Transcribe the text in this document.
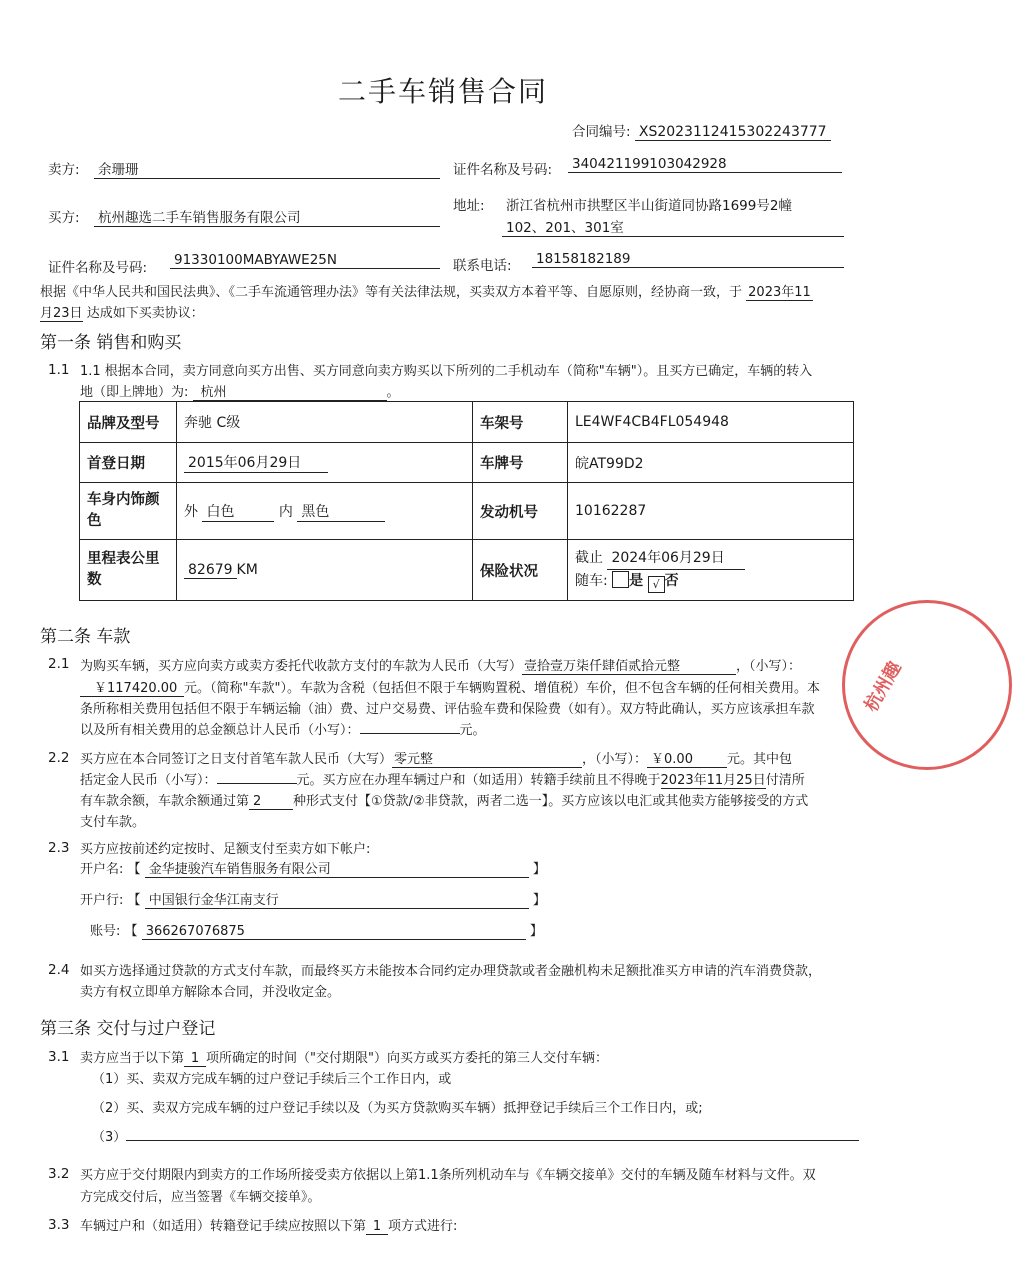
二手车销售合同
合同编号: XS2023112415302243777
卖方: 余珊珊	证件名称及号码: 340421199103042928
买方: 杭州趣选二手车销售服务有限公司
地址: 浙江省杭州市拱墅区半山街道同协路1699号2幢
102、201、301室
证件名称及号码: 91330100MABYAWE25N	联系电话: 18158182189
根据《中华人民共和国民法典》、《二手车流通管理办法》等有关法律法规，买卖双方本着平等、自愿原则，经协商一致，于 2023年11
月23日 达成如下买卖协议：
第一条 销售和购买
1.1 1.1 根据本合同，卖方同意向买方出售、买方同意向卖方购买以下所列的二手机动车（简称"车辆"）。且买方已确定，车辆的转入
地（即上牌地）为: 杭州	。
品牌及型号	奔驰 C级	车架号	LE4WF4CB4FL054948
首登日期	2015年06月29日	车牌号	皖AT99D2
车身内饰颜色	外 白色 内 黑色	发动机号	10162287
里程表公里数	82679 KM	保险状况	截止 2024年06月29日
随车: 是 √ 否
第二条 车款
2.1 为购买车辆，买方应向卖方或卖方委托代收款方支付的车款为人民币（大写） 壹拾壹万柒仟肆佰贰拾元整	，（小写）：
￥117420.00 元。（简称"车款"）。车款为含税（包括但不限于车辆购置税、增值税）车价，但不包含车辆的任何相关费用。本
条所称相关费用包括但不限于车辆运输（油）费、过户交易费、评估验车费和保险费（如有）。双方特此确认，买方应该承担车款
以及所有相关费用的总金额总计人民币（小写）：	元。
2.2 买方应在本合同签订之日支付首笔车款人民币（大写） 零元整	，（小写）： ￥0.00	元。其中包
括定金人民币（小写）：	元。买方应在办理车辆过户和（如适用）转籍手续前且不得晚于2023年11月25日付清所
有车款余额，车款余额通过第 2 种形式支付【①贷款/②非贷款，两者二选一】。买方应该以电汇或其他卖方能够接受的方式
支付车款。
2.3 买方应按前述约定按时、足额支付至卖方如下帐户:
开户名: 【 金华捷骏汽车销售服务有限公司	】
开户行: 【 中国银行金华江南支行	】
账号: 【 366267076875	】
2.4 如买方选择通过贷款的方式支付车款，而最终买方未能按本合同约定办理贷款或者金融机构未足额批准买方申请的汽车消费贷款，
卖方有权立即单方解除本合同，并没收定金。
第三条 交付与过户登记
3.1 卖方应当于以下第 1 项所确定的时间（"交付期限"）向买方或买方委托的第三人交付车辆：
（1）买、卖双方完成车辆的过户登记手续后三个工作日内，或
（2）买、卖双方完成车辆的过户登记手续以及（为买方贷款购买车辆）抵押登记手续后三个工作日内，或;
（3）
3.2 买方应于交付期限内到卖方的工作场所接受卖方依据以上第1.1条所列机动车与《车辆交接单》交付的车辆及随车材料与文件。双
方完成交付后，应当签署《车辆交接单》。
3.3 车辆过户和（如适用）转籍登记手续应按照以下第 1 项方式进行:
杭州趣
